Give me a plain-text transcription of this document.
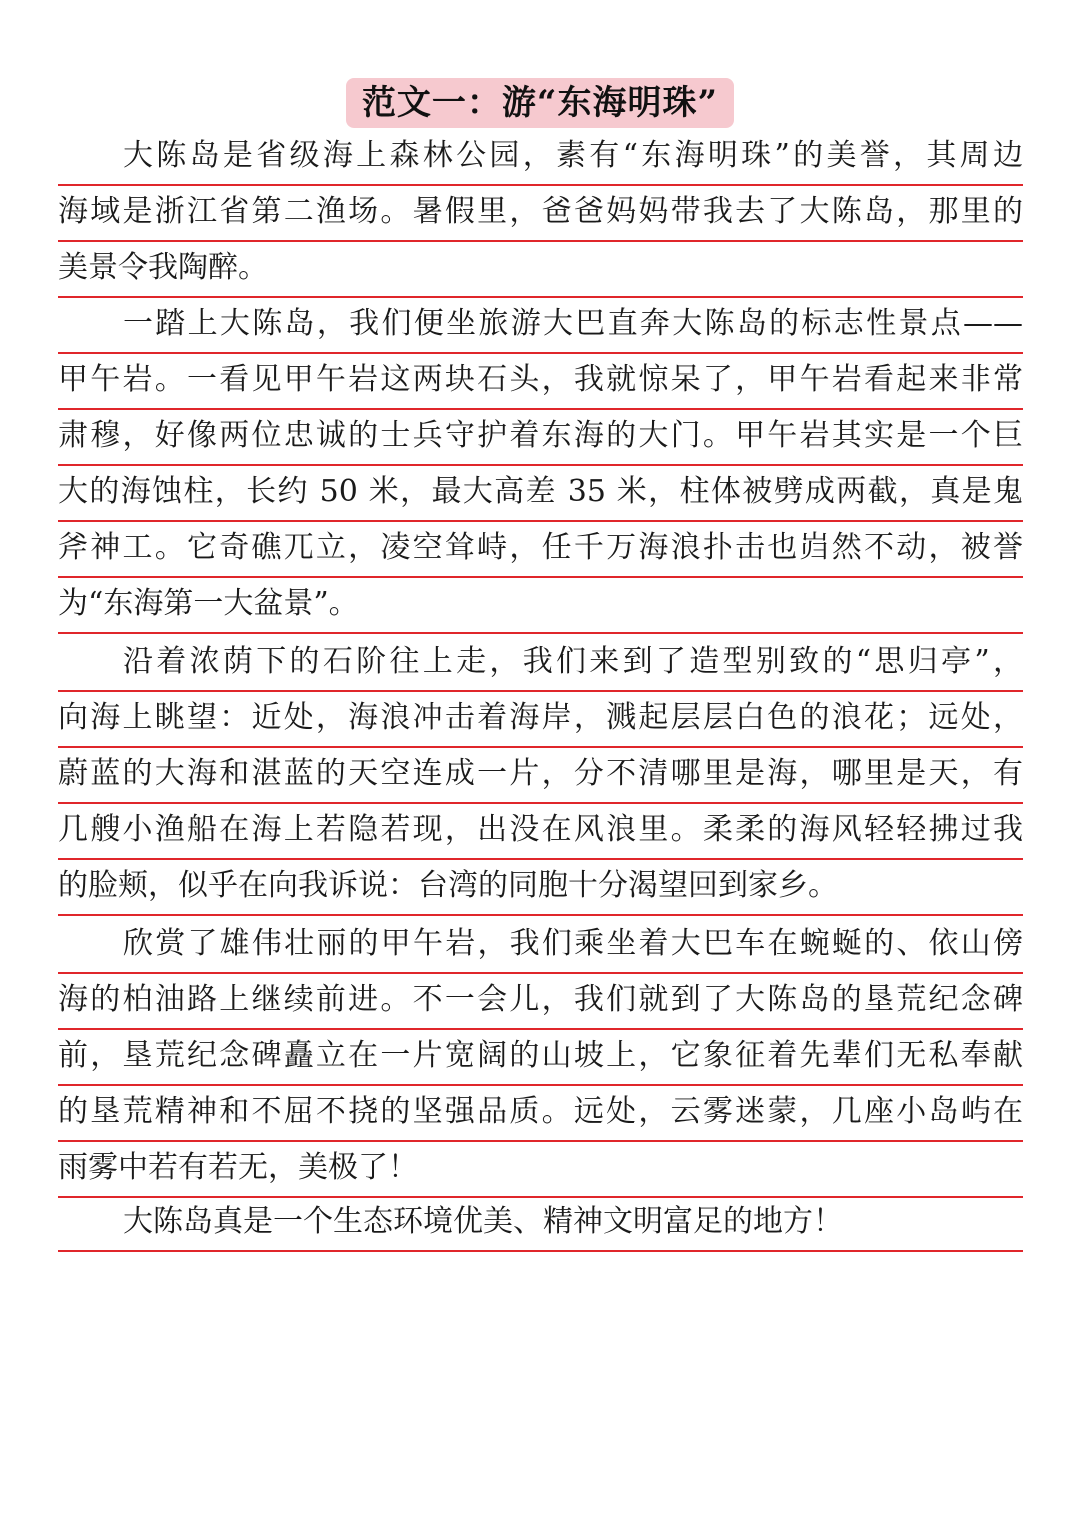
范文一：游“东海明珠”
大陈岛是省级海上森林公园，素有“东海明珠”的美誉，其周边
海域是浙江省第二渔场。暑假里，爸爸妈妈带我去了大陈岛，那里的
美景令我陶醉。
一踏上大陈岛，我们便坐旅游大巴直奔大陈岛的标志性景点——
甲午岩。一看见甲午岩这两块石头，我就惊呆了，甲午岩看起来非常
肃穆，好像两位忠诚的士兵守护着东海的大门。甲午岩其实是一个巨
大的海蚀柱，长约 50 米，最大高差 35 米，柱体被劈成两截，真是鬼
斧神工。它奇礁兀立，凌空耸峙，任千万海浪扑击也岿然不动，被誉
为“东海第一大盆景”。
沿着浓荫下的石阶往上走，我们来到了造型别致的“思归亭”，
向海上眺望：近处，海浪冲击着海岸，溅起层层白色的浪花；远处，
蔚蓝的大海和湛蓝的天空连成一片，分不清哪里是海，哪里是天，有
几艘小渔船在海上若隐若现，出没在风浪里。柔柔的海风轻轻拂过我
的脸颊，似乎在向我诉说：台湾的同胞十分渴望回到家乡。
欣赏了雄伟壮丽的甲午岩，我们乘坐着大巴车在蜿蜒的、依山傍
海的柏油路上继续前进。不一会儿，我们就到了大陈岛的垦荒纪念碑
前，垦荒纪念碑矗立在一片宽阔的山坡上，它象征着先辈们无私奉献
的垦荒精神和不屈不挠的坚强品质。远处，云雾迷蒙，几座小岛屿在
雨雾中若有若无，美极了！
大陈岛真是一个生态环境优美、精神文明富足的地方！
